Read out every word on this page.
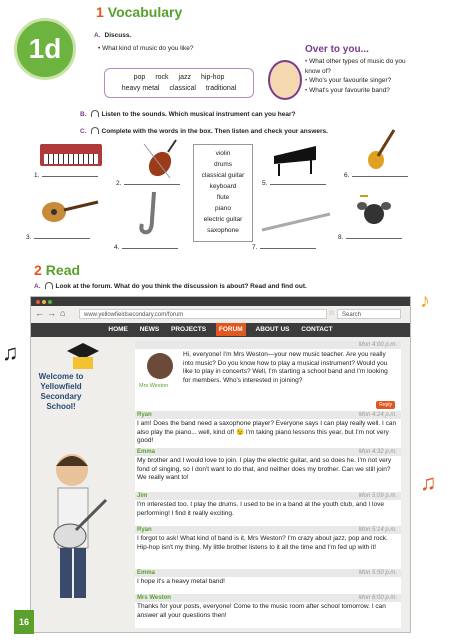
1d
1 Vocabulary
A. Discuss.
• What kind of music do you like?
pop rock jazz hip-hop
heavy metal classical traditional
Over to you...
• What other types of music do you know of?
• Who's your favourite singer?
• What's your favourite band?
B. Listen to the sounds. Which musical instrument can you hear?
C. Complete with the words in the box. Then listen and check your answers.
violin
drums
classical guitar
keyboard
flute
piano
electric guitar
saxophone
1.
2.
3.
4.
5.
6.
7.
8.
2 Read
A. Look at the forum. What do you think the discussion is about? Read and find out.
← → ⌂	www.yellowfieldsecondary.com/forum	☆	Search
HOME NEWS PROJECTS FORUM ABOUT US CONTACT
Mon 4:00 p.m.
Mrs Weston
Hi, everyone! I'm Mrs Weston—your new music teacher. Are you really into music? Do you know how to play a musical instrument? Would you like to play in concerts? Well, I'm starting a school band and I'm looking for members. Who's interested in joining?
Reply
Ryan	Mon 4:24 p.m.
I am! Does the band need a saxophone player? Everyone says I can play really well. I can also play the piano... well, kind of! 😉 I'm taking piano lessons this year, but I'm not very good!
Emma	Mon 4:32 p.m.
My brother and I would love to join. I play the electric guitar, and so does he. I'm not very fond of singing, so I don't want to do that, and neither does my brother. Can we still join? We really want to!
Jim	Mon 5:09 p.m.
I'm interested too. I play the drums. I used to be in a band at the youth club, and I love performing! I find it really exciting.
Ryan	Mon 5:14 p.m.
I forgot to ask! What kind of band is it, Mrs Weston? I'm crazy about jazz, pop and rock. Hip-hop isn't my thing. My little brother listens to it all the time and I'm fed up with it!
Emma	Mon 5:50 p.m.
I hope it's a heavy metal band!
Mrs Weston	Mon 6:00 p.m.
Thanks for your posts, everyone! Come to the music room after school tomorrow. I can answer all your questions then!
Welcome to Yellowfield Secondary School!
♫
♪
♫
16
